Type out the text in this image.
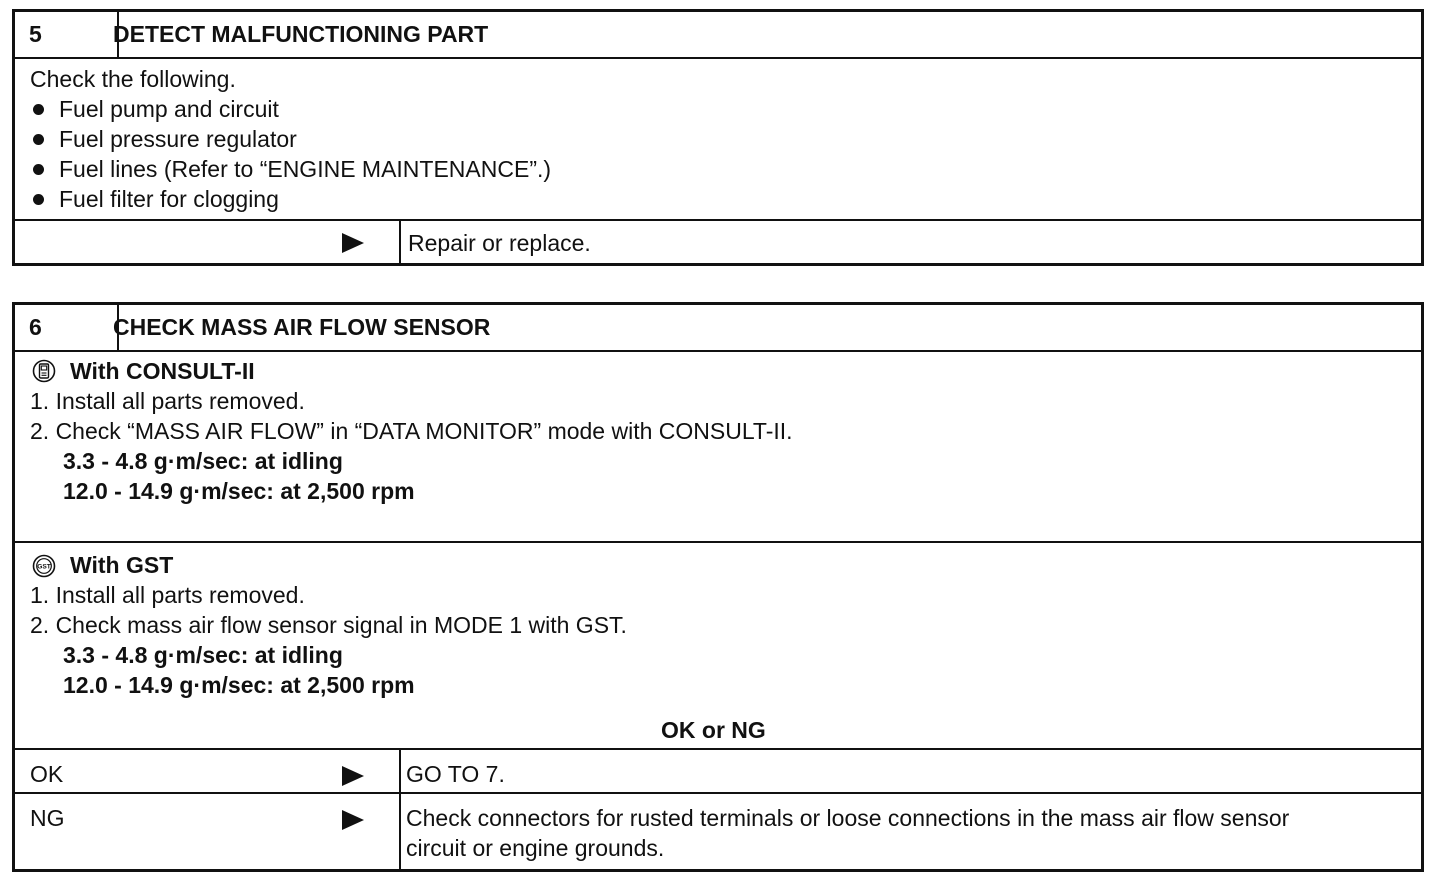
5	DETECT MALFUNCTIONING PART
Check the following.
Fuel pump and circuit
Fuel pressure regulator
Fuel lines (Refer to “ENGINE MAINTENANCE”.)
Fuel filter for clogging
Repair or replace.
6	CHECK MASS AIR FLOW SENSOR
With CONSULT-II
1. Install all parts removed.
2. Check “MASS AIR FLOW” in “DATA MONITOR” mode with CONSULT-II.
3.3 - 4.8 g·m/sec: at idling
12.0 - 14.9 g·m/sec: at 2,500 rpm
GST With GST
1. Install all parts removed.
2. Check mass air flow sensor signal in MODE 1 with GST.
3.3 - 4.8 g·m/sec: at idling
12.0 - 14.9 g·m/sec: at 2,500 rpm
OK or NG
OK	GO TO 7.
NG	Check connectors for rusted terminals or loose connections in the mass air flow sensor
circuit or engine grounds.
